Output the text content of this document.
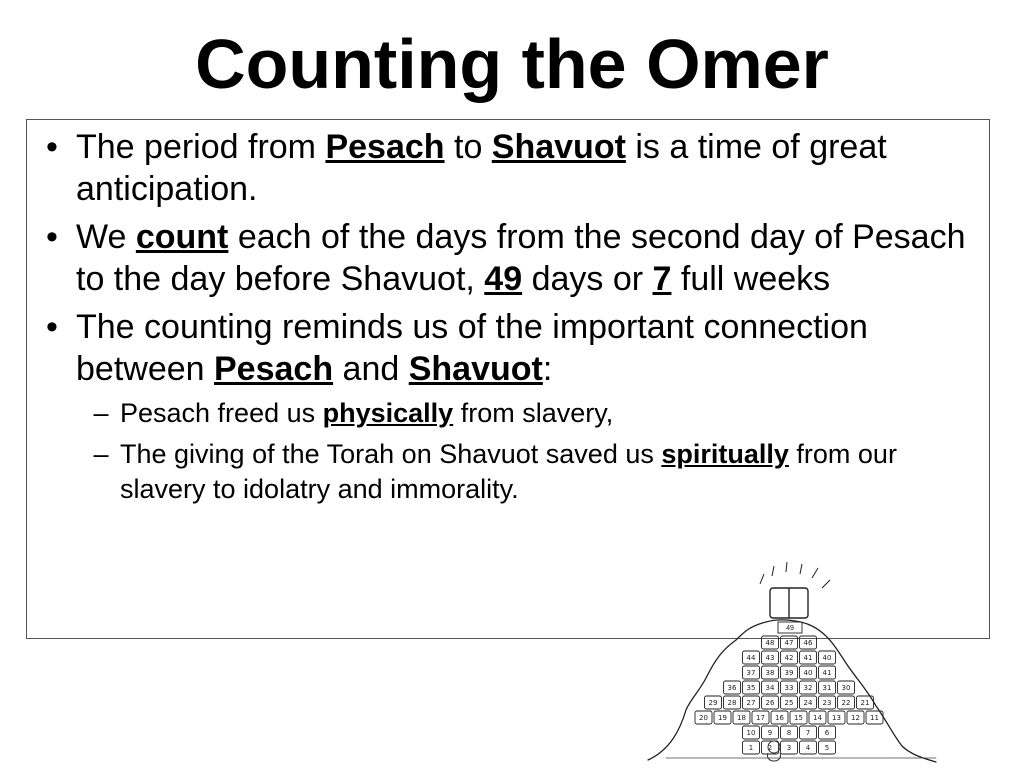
Counting the Omer
• The period from Pesach to Shavuot is a time of great anticipation.
• We count each of the days from the second day of Pesach to the day before Shavuot, 49 days or 7 full weeks
• The counting reminds us of the important connection between Pesach and Shavuot:
– Pesach freed us physically from slavery,
– The giving of the Torah on Shavuot saved us spiritually from our slavery to idolatry and immorality.
48 47 46
44 43 42 41 40
37 38 39 40 41
36 35 34 33 32 31 30
29 28 27 26 25 24 23 22 21
20 19 18 17 16 15 14 13 12 11
10 9 8 7 6
1 2 3 4 5
49
